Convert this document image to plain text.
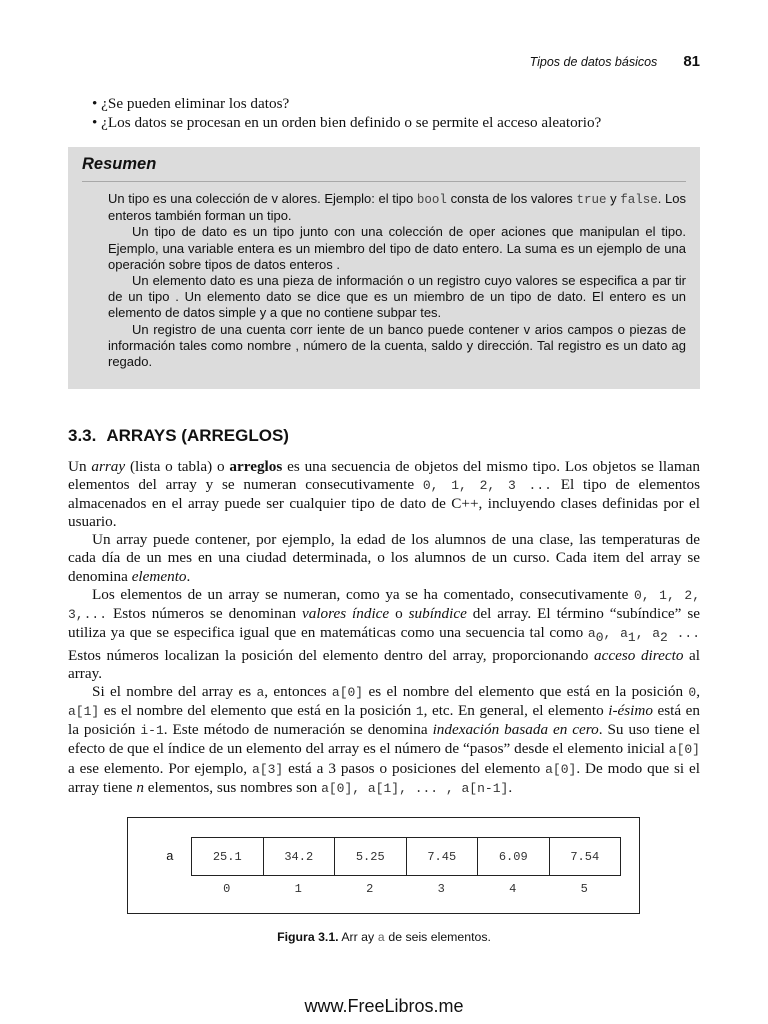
Tipos de datos básicos 81
• ¿Se pueden eliminar los datos?
• ¿Los datos se procesan en un orden bien definido o se permite el acceso aleatorio?
Resumen

Un tipo es una colección de v alores. Ejemplo: el tipo bool consta de los valores true y false. Los enteros también forman un tipo.

Un tipo de dato es un tipo junto con una colección de oper aciones que manipulan el tipo. Ejemplo, una variable entera es un miembro del tipo de dato entero. La suma es un ejemplo de una operación sobre tipos de datos enteros .

Un elemento dato es una pieza de información o un registro cuyo valores se especifica a par tir de un tipo . Un elemento dato se dice que es un miembro de un tipo de dato. El entero es un elemento de datos simple y a que no contiene subpar tes.

Un registro de una cuenta corr iente de un banco puede contener v arios campos o piezas de información tales como nombre , número de la cuenta, saldo y dirección. Tal registro es un dato ag regado.

3.3. ARRAYS (ARREGLOS)

Un array (lista o tabla) o arreglos es una secuencia de objetos del mismo tipo. Los objetos se llaman elementos del array y se numeran consecutivamente 0, 1, 2, 3 ... El tipo de elementos almacenados en el array puede ser cualquier tipo de dato de C++, incluyendo clases definidas por el usuario.

Un array puede contener, por ejemplo, la edad de los alumnos de una clase, las temperaturas de cada día de un mes en una ciudad determinada, o los alumnos de un curso. Cada item del array se denomina elemento.

Los elementos de un array se numeran, como ya se ha comentado, consecutivamente 0, 1, 2, 3,... Estos números se denominan valores índice o subíndice del array. El término “subíndice” se utiliza ya que se especifica igual que en matemáticas como una secuencia tal como $a_0$, $a_1$, $a_2$ ... Estos números localizan la posición del elemento dentro del array, proporcionando acceso directo al array.

Si el nombre del array es a, entonces a[0] es el nombre del elemento que está en la posición 0, a[1] es el nombre del elemento que está en la posición 1, etc. En general, el elemento i-ésimo está en la posición i-1. Este método de numeración se denomina indexación basada en cero. Su uso tiene el efecto de que el índice de un elemento del array es el número de “pasos” desde el elemento inicial a[0] a ese elemento. Por ejemplo, a[3] está a 3 pasos o posiciones del elemento a[0]. De modo que si el array tiene n elementos, sus nombres son a[0], a[1], ... , a[n-1].

a	25.1	34.2	5.25	7.45	6.09	7.54
0	1	2	3	4	5
Figura 3.1. Arr ay a de seis elementos.
www.FreeLibros.me
